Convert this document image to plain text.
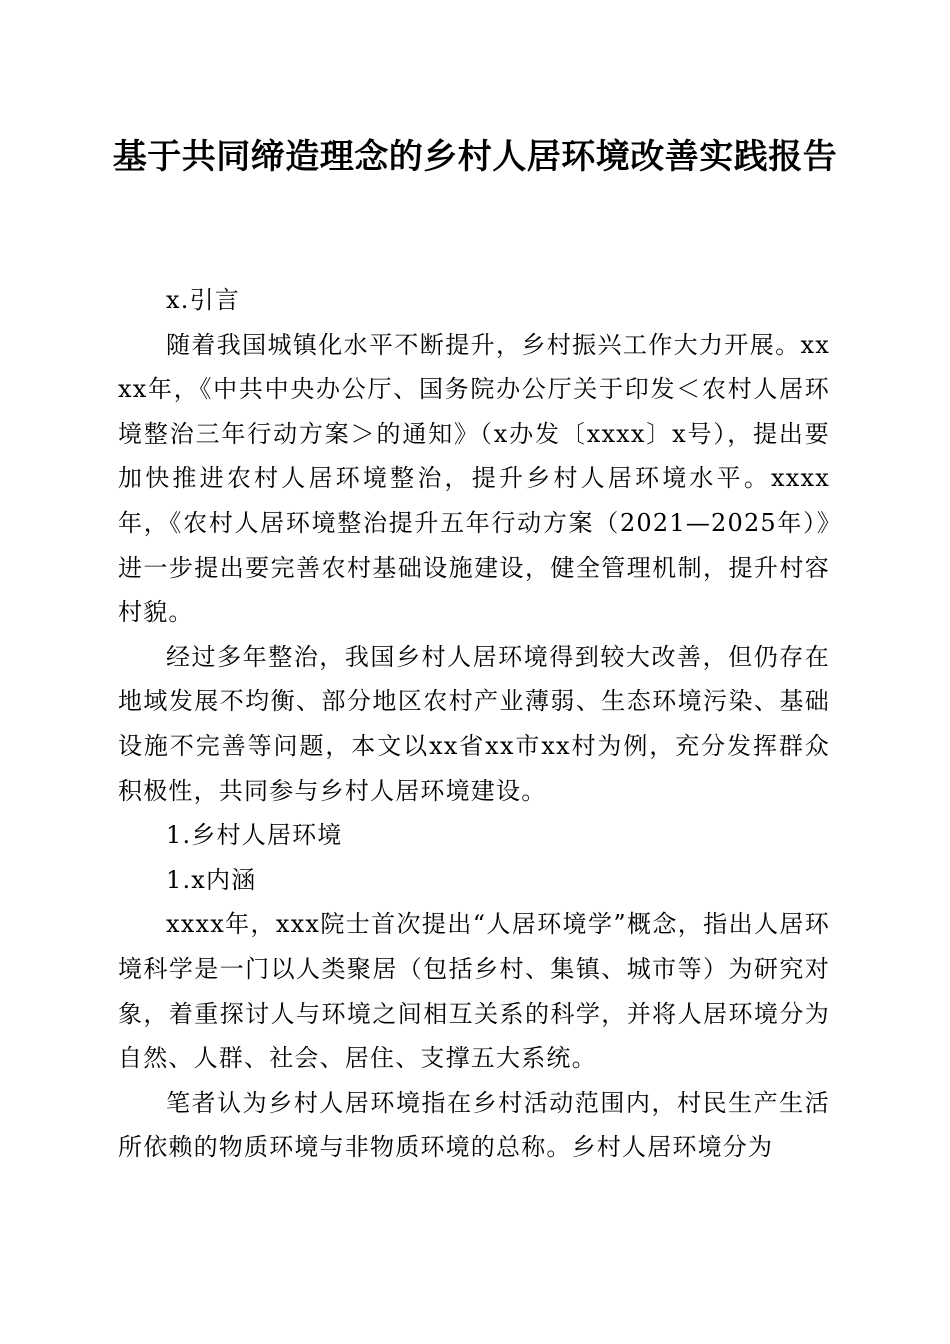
基于共同缔造理念的乡村人居环境改善实践报告

x.引言

随着我国城镇化水平不断提升，乡村振兴工作大力开展。xxxx年，《中共中央办公厅、国务院办公厅关于印发＜农村人居环境整治三年行动方案＞的通知》（x办发〔xxxx〕x号），提出要加快推进农村人居环境整治，提升乡村人居环境水平。xxxx年，《农村人居环境整治提升五年行动方案（2021—2025年）》进一步提出要完善农村基础设施建设，健全管理机制，提升村容村貌。

经过多年整治，我国乡村人居环境得到较大改善，但仍存在地域发展不均衡、部分地区农村产业薄弱、生态环境污染、基础设施不完善等问题，本文以xx省xx市xx村为例，充分发挥群众积极性，共同参与乡村人居环境建设。

1.乡村人居环境

1.x内涵

xxxx年，xxx院士首次提出“人居环境学”概念，指出人居环境科学是一门以人类聚居（包括乡村、集镇、城市等）为研究对象，着重探讨人与环境之间相互关系的科学，并将人居环境分为自然、人群、社会、居住、支撑五大系统。

笔者认为乡村人居环境指在乡村活动范围内，村民生产生活所依赖的物质环境与非物质环境的总称。乡村人居环境分为
